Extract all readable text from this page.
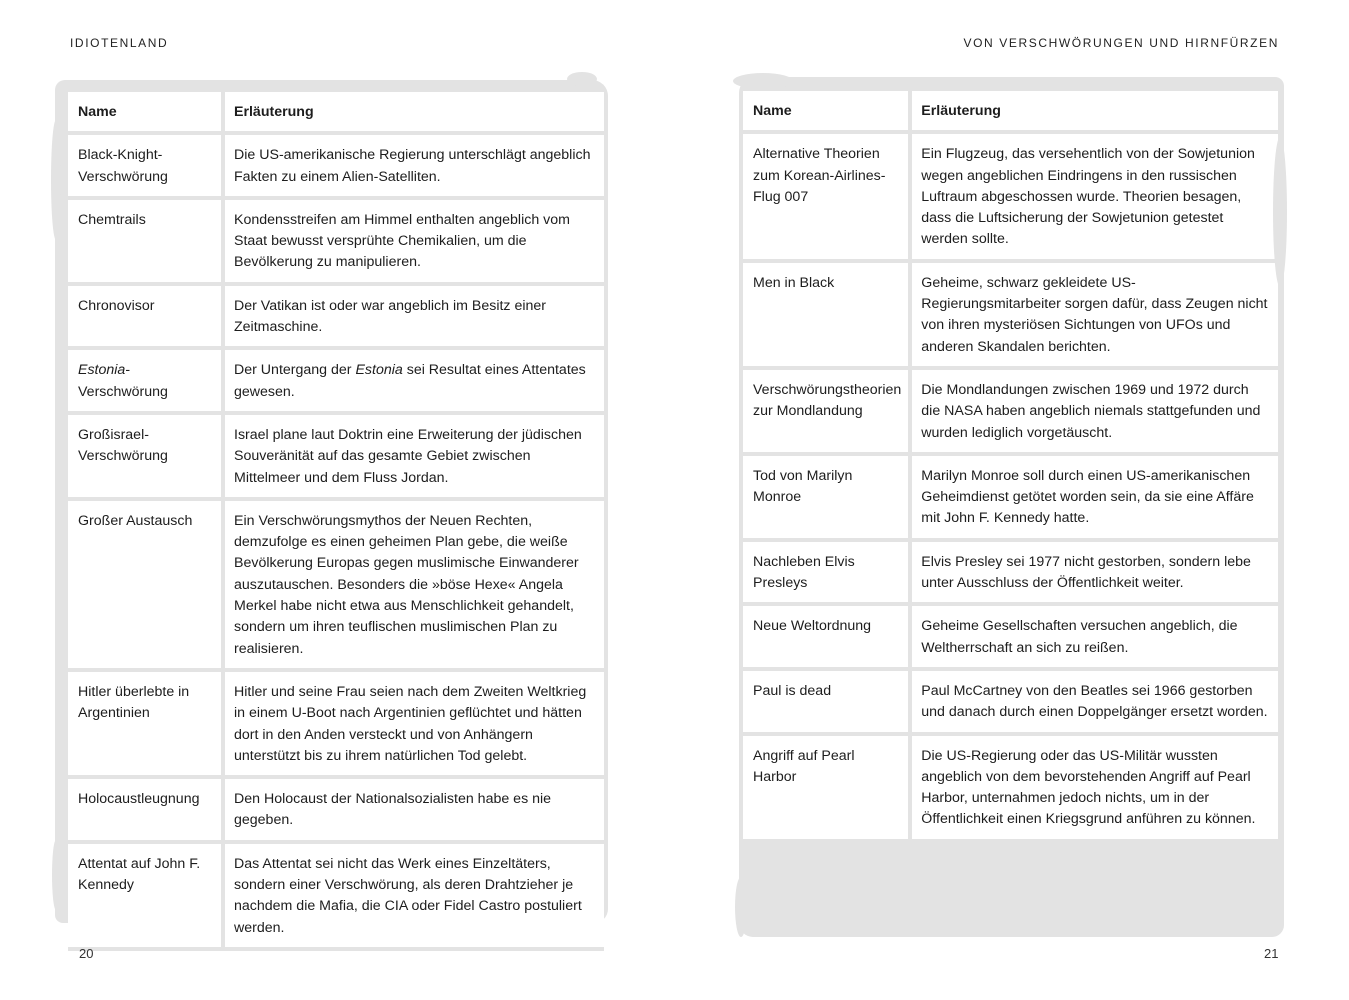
IDIOTENLAND	VON VERSCHWÖRUNGEN UND HIRNFÜRZEN
Name	Erläuterung
Black-Knight-Verschwörung	Die US-amerikanische Regierung unterschlägt angeblich Fakten zu einem Alien-Satelliten.
Chemtrails	Kondensstreifen am Himmel enthalten angeblich vom Staat bewusst versprühte Chemikalien, um die Bevölkerung zu manipulieren.
Chronovisor	Der Vatikan ist oder war angeblich im Besitz einer Zeitmaschine.
Estonia-Verschwörung	Der Untergang der Estonia sei Resultat eines Attentates gewesen.
Großisrael-Verschwörung	Israel plane laut Doktrin eine Erweiterung der jüdischen Souveränität auf das gesamte Gebiet zwischen Mittelmeer und dem Fluss Jordan.
Großer Austausch	Ein Verschwörungsmythos der Neuen Rechten, demzufolge es einen geheimen Plan gebe, die weiße Bevölkerung Europas gegen muslimische Einwanderer auszutauschen. Besonders die »böse Hexe« Angela Merkel habe nicht etwa aus Menschlichkeit gehandelt, sondern um ihren teuflischen muslimischen Plan zu realisieren.
Hitler überlebte in Argentinien	Hitler und seine Frau seien nach dem Zweiten Weltkrieg in einem U-Boot nach Argentinien geflüchtet und hätten dort in den Anden versteckt und von Anhängern unterstützt bis zu ihrem natürlichen Tod gelebt.
Holocaustleugnung	Den Holocaust der Nationalsozialisten habe es nie gegeben.
Attentat auf John F. Kennedy	Das Attentat sei nicht das Werk eines Einzeltäters, sondern einer Verschwörung, als deren Drahtzieher je nachdem die Mafia, die CIA oder Fidel Castro postuliert werden.
Name	Erläuterung
Alternative Theorien zum Korean-Airlines-Flug 007	Ein Flugzeug, das versehentlich von der Sowjetunion wegen angeblichen Eindringens in den russischen Luftraum abgeschossen wurde. Theorien besagen, dass die Luftsicherung der Sowjetunion getestet werden sollte.
Men in Black	Geheime, schwarz gekleidete US-Regierungsmitarbeiter sorgen dafür, dass Zeugen nicht von ihren mysteriösen Sichtungen von UFOs und anderen Skandalen berichten.
Verschwörungstheorien zur Mondlandung	Die Mondlandungen zwischen 1969 und 1972 durch die NASA haben angeblich niemals stattgefunden und wurden lediglich vorgetäuscht.
Tod von Marilyn Monroe	Marilyn Monroe soll durch einen US-amerikanischen Geheimdienst getötet worden sein, da sie eine Affäre mit John F. Kennedy hatte.
Nachleben Elvis Presleys	Elvis Presley sei 1977 nicht gestorben, sondern lebe unter Ausschluss der Öffentlichkeit weiter.
Neue Weltordnung	Geheime Gesellschaften versuchen angeblich, die Weltherrschaft an sich zu reißen.
Paul is dead	Paul McCartney von den Beatles sei 1966 gestorben und danach durch einen Doppelgänger ersetzt worden.
Angriff auf Pearl Harbor	Die US-Regierung oder das US-Militär wussten angeblich von dem bevorstehenden Angriff auf Pearl Harbor, unternahmen jedoch nichts, um in der Öffentlichkeit einen Kriegsgrund anführen zu können.
20	21
